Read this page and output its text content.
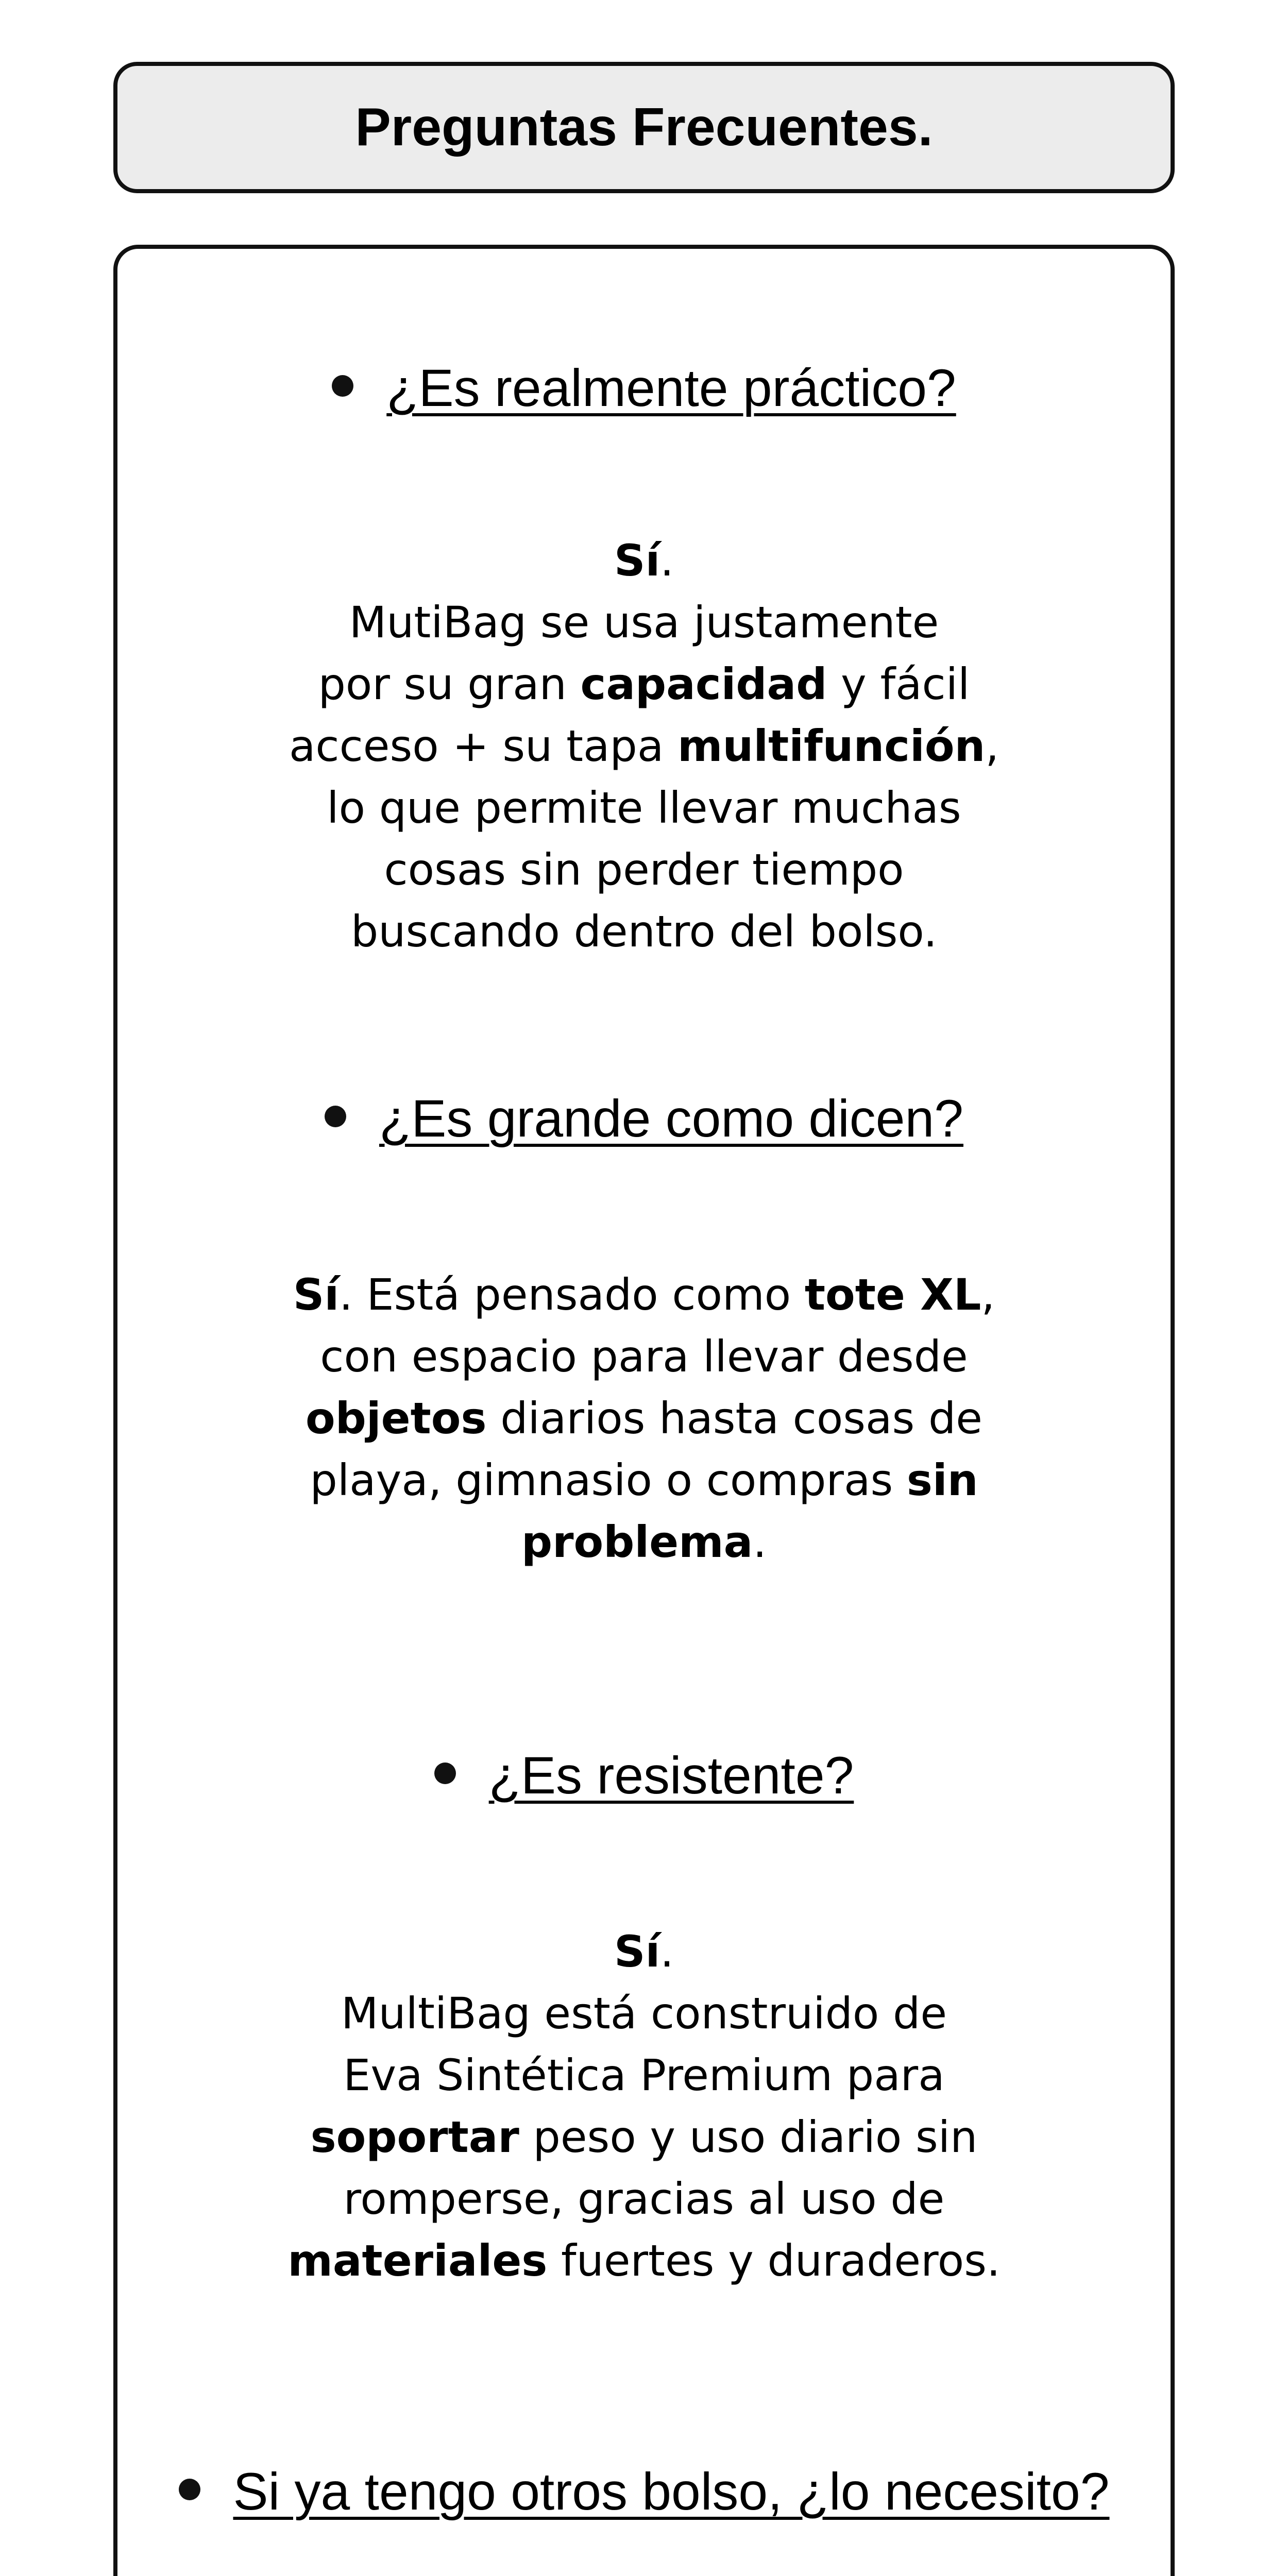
Preguntas Frecuentes.
¿Es realmente práctico?
Sí.
MutiBag se usa justamente
por su gran capacidad y fácil
acceso + su tapa multifunción,
lo que permite llevar muchas
cosas sin perder tiempo
buscando dentro del bolso.
¿Es grande como dicen?
Sí. Está pensado como tote XL,
con espacio para llevar desde
objetos diarios hasta cosas de
playa, gimnasio o compras sin
problema.
¿Es resistente?
Sí.
MultiBag está construido de
Eva Sintética Premium para
soportar peso y uso diario sin
romperse, gracias al uso de
materiales fuertes y duraderos.
Si ya tengo otros bolso, ¿lo necesito?
